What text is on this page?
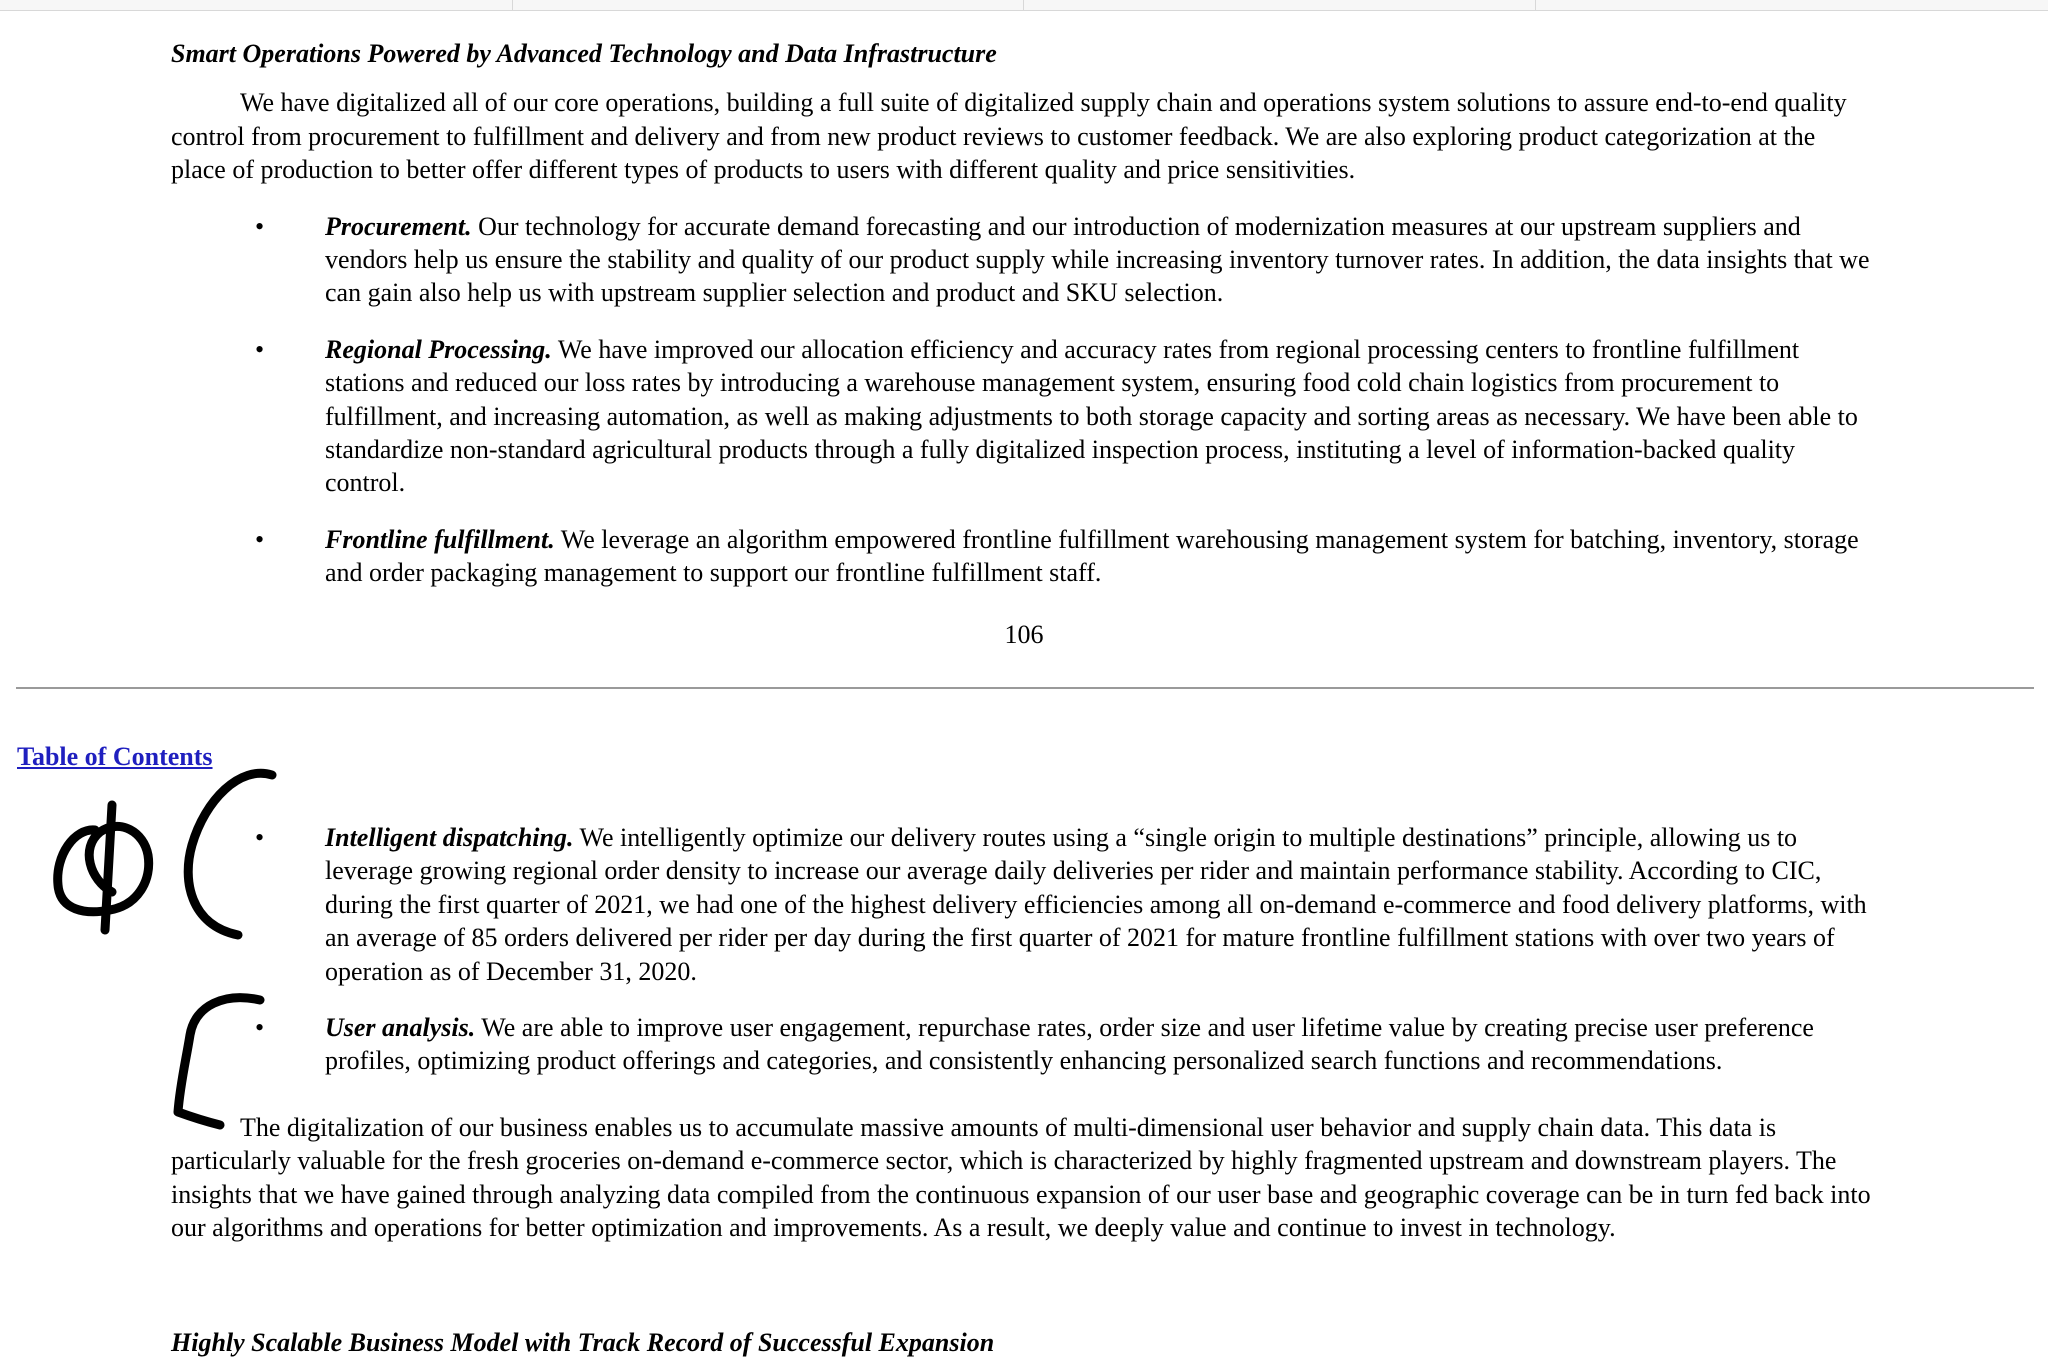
Smart Operations Powered by Advanced Technology and Data Infrastructure

We have digitalized all of our core operations, building a full suite of digitalized supply chain and operations system solutions to assure end-to-end quality control from procurement to fulfillment and delivery and from new product reviews to customer feedback. We are also exploring product categorization at the place of production to better offer different types of products to users with different quality and price sensitivities.

• Procurement. Our technology for accurate demand forecasting and our introduction of modernization measures at our upstream suppliers and vendors help us ensure the stability and quality of our product supply while increasing inventory turnover rates. In addition, the data insights that we can gain also help us with upstream supplier selection and product and SKU selection.
• Regional Processing. We have improved our allocation efficiency and accuracy rates from regional processing centers to frontline fulfillment stations and reduced our loss rates by introducing a warehouse management system, ensuring food cold chain logistics from procurement to fulfillment, and increasing automation, as well as making adjustments to both storage capacity and sorting areas as necessary. We have been able to standardize non-standard agricultural products through a fully digitalized inspection process, instituting a level of information-backed quality control.
• Frontline fulfillment. We leverage an algorithm empowered frontline fulfillment warehousing management system for batching, inventory, storage and order packaging management to support our frontline fulfillment staff.
106
Table of Contents
• Intelligent dispatching. We intelligently optimize our delivery routes using a “single origin to multiple destinations” principle, allowing us to leverage growing regional order density to increase our average daily deliveries per rider and maintain performance stability. According to CIC, during the first quarter of 2021, we had one of the highest delivery efficiencies among all on-demand e-commerce and food delivery platforms, with an average of 85 orders delivered per rider per day during the first quarter of 2021 for mature frontline fulfillment stations with over two years of operation as of December 31, 2020.
• User analysis. We are able to improve user engagement, repurchase rates, order size and user lifetime value by creating precise user preference profiles, optimizing product offerings and categories, and consistently enhancing personalized search functions and recommendations.

The digitalization of our business enables us to accumulate massive amounts of multi-dimensional user behavior and supply chain data. This data is particularly valuable for the fresh groceries on-demand e-commerce sector, which is characterized by highly fragmented upstream and downstream players. The insights that we have gained through analyzing data compiled from the continuous expansion of our user base and geographic coverage can be in turn fed back into our algorithms and operations for better optimization and improvements. As a result, we deeply value and continue to invest in technology.

Highly Scalable Business Model with Track Record of Successful Expansion
